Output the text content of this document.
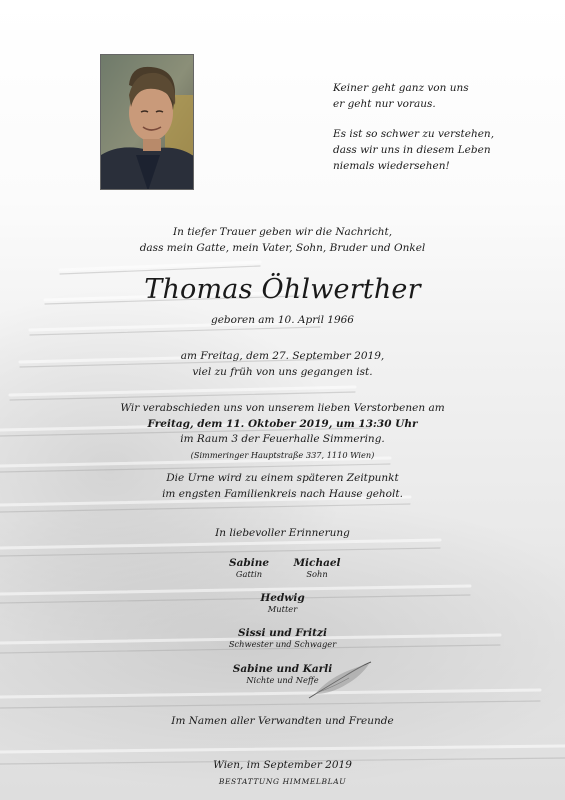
Keiner geht ganz von uns
er geht nur voraus.
Es ist so schwer zu verstehen,
dass wir uns in diesem Leben
niemals wiedersehen!
In tiefer Trauer geben wir die Nachricht,
dass mein Gatte, mein Vater, Sohn, Bruder und Onkel
Thomas Öhlwerther
geboren am 10. April 1966
am Freitag, dem 27. September 2019,
viel zu früh von uns gegangen ist.
Wir verabschieden uns von unserem lieben Verstorbenen am
Freitag, dem 11. Oktober 2019, um 13:30 Uhr
im Raum 3 der Feuerhalle Simmering.
(Simmeringer Hauptstraße 337, 1110 Wien)
Die Urne wird zu einem späteren Zeitpunkt
im engsten Familienkreis nach Hause geholt.
In liebevoller Erinnerung
Sabine
Gattin
Michael
Sohn
Hedwig
Mutter
Sissi und Fritzi
Schwester und Schwager
Sabine und Karli
Nichte und Neffe
Im Namen aller Verwandten und Freunde
Wien, im September 2019
BESTATTUNG HIMMELBLAU
